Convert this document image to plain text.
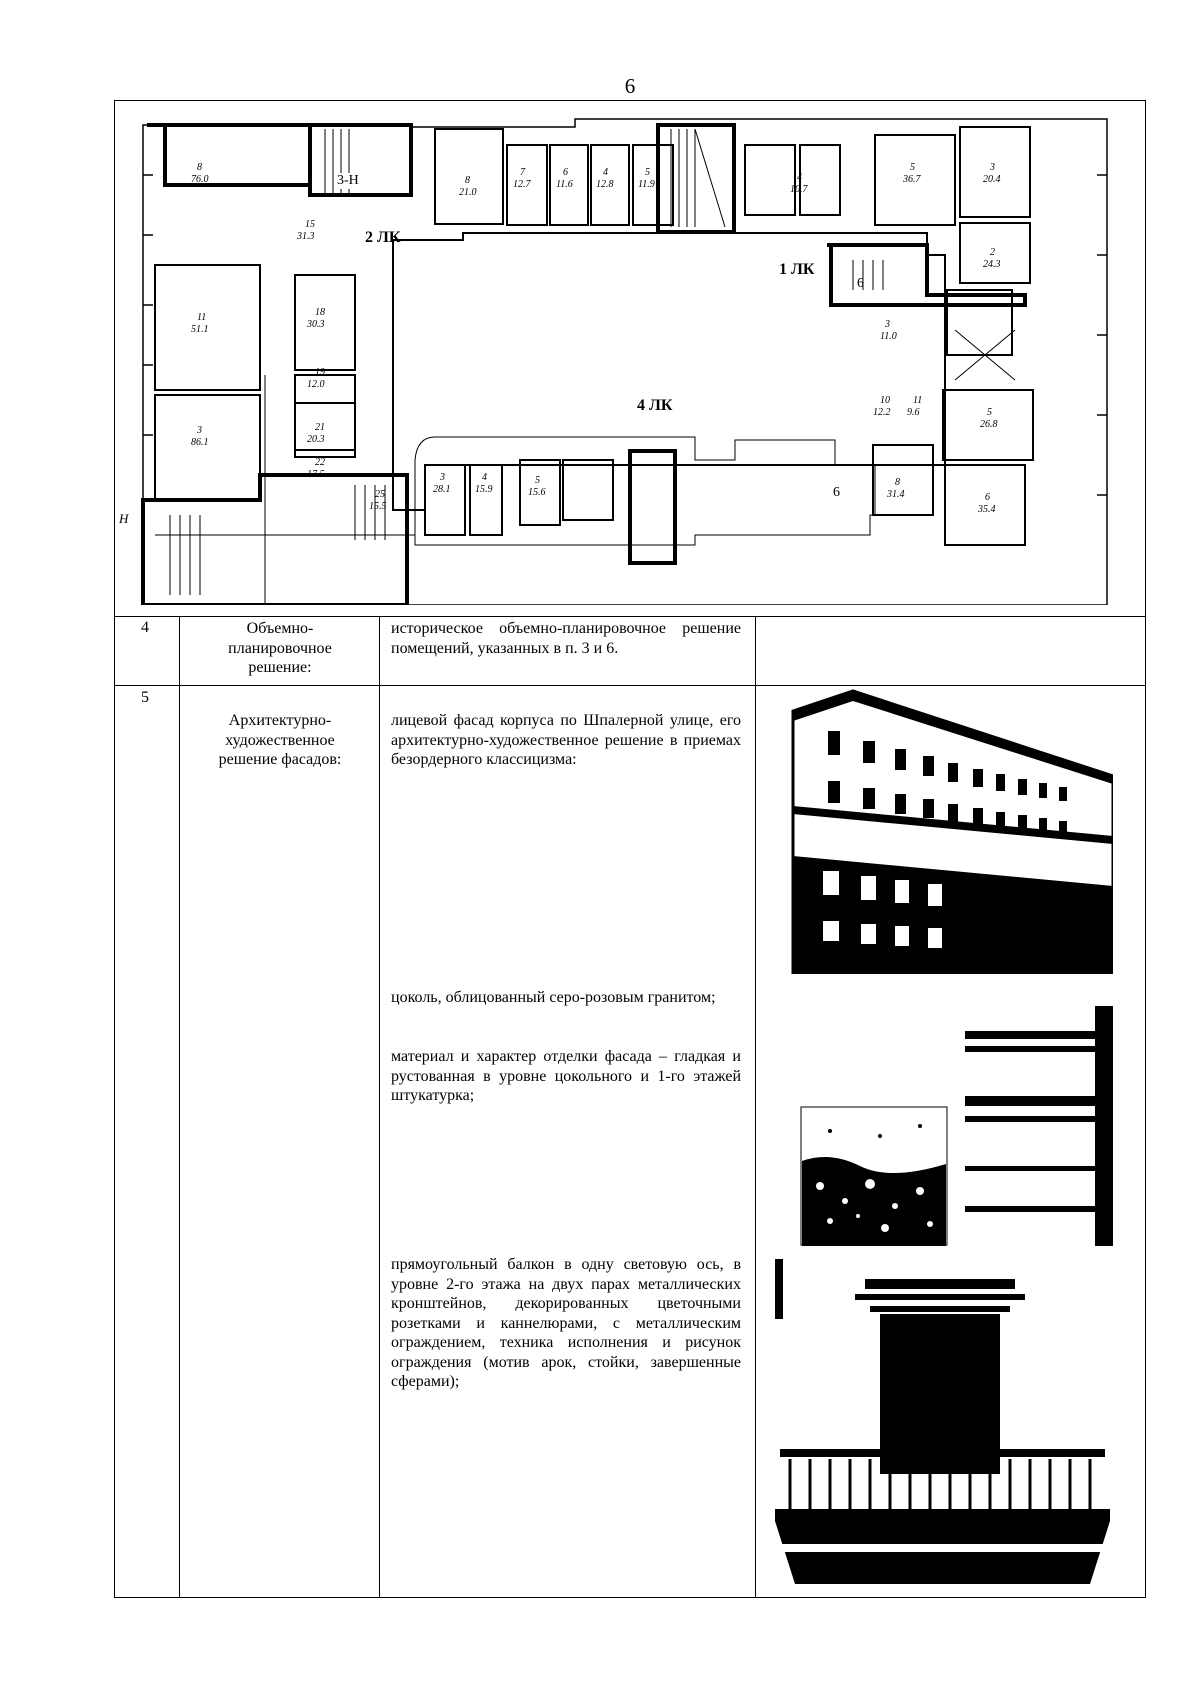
6
8
76.0
11
51.1
3
86.1
18
30.3
19
12.0
21
20.3
22
17.5
15
31.3
8
21.0
7
12.7
6
11.6
4
12.8
5
11.9
5
36.7
3
20.4
2
24.3
3
11.0
5
26.8
8
31.4	6
35.4
3
28.1
4
15.9
5
15.6
4
10.7
10
12.2
11
9.6
25
15.5
2 ЛК
1 ЛК
4 ЛК
3-Н
Н
6
6
4	Объемно-планировочное решение:
историческое объемно-планировочное решение помещений, указанных в п. 3 и 6.
5
Архитектурно-художественное решение фасадов:
лицевой фасад корпуса по Шпалерной улице, его архитектурно-художественное решение в приемах безордерного классицизма:
цоколь, облицованный серо-розовым гранитом;
материал и характер отделки фасада – гладкая и рустованная в уровне цокольного и 1-го этажей штукатурка;
прямоугольный балкон в одну световую ось, в уровне 2-го этажа на двух парах металлических кронштейнов, декорированных цветочными розетками и каннелюрами, с металлическим ограждением, техника исполнения и рисунок ограждения (мотив арок, стойки, завершенные сферами);
